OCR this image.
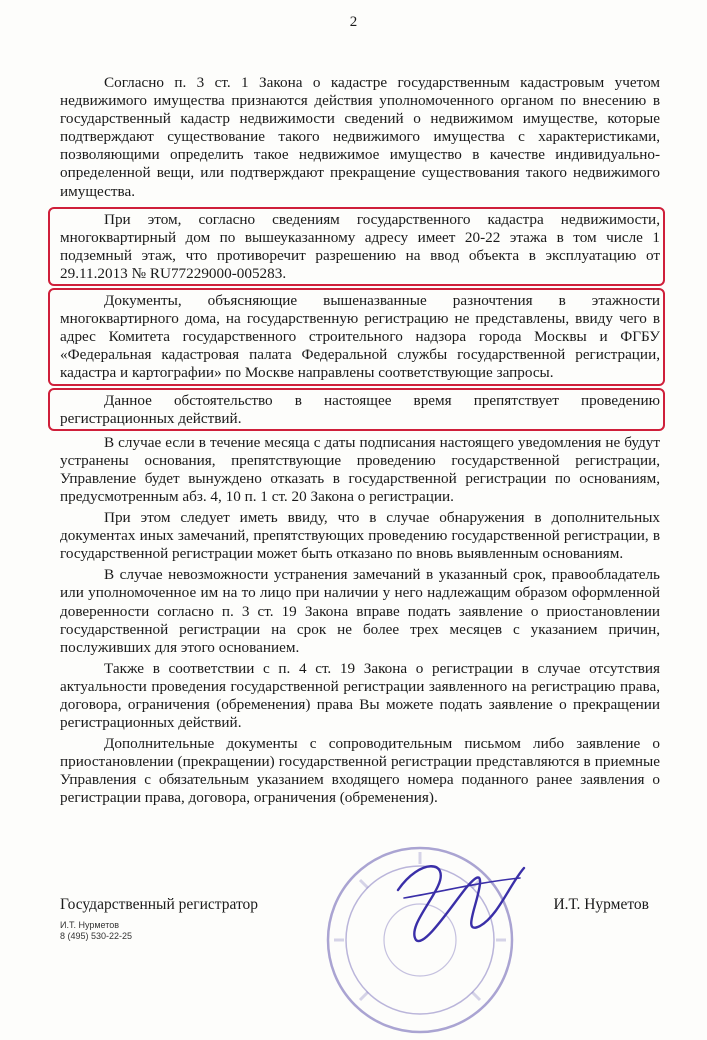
2

Согласно п. 3 ст. 1 Закона о кадастре государственным кадастровым учетом недвижимого имущества признаются действия уполномоченного органом по внесению в государственный кадастр недвижимости сведений о недвижимом имуществе, которые подтверждают существование такого недвижимого имущества с характеристиками, позволяющими определить такое недвижимое имущество в качестве индивидуально-определенной вещи, или подтверждают прекращение существования такого недвижимого имущества.

При этом, согласно сведениям государственного кадастра недвижимости, многоквартирный дом по вышеуказанному адресу имеет 20-22 этажа в том числе 1 подземный этаж, что противоречит разрешению на ввод объекта в эксплуатацию от 29.11.2013 № RU77229000-005283.

Документы, объясняющие вышеназванные разночтения в этажности многоквартирного дома, на государственную регистрацию не представлены, ввиду чего в адрес Комитета государственного строительного надзора города Москвы и ФГБУ «Федеральная кадастровая палата Федеральной службы государственной регистрации, кадастра и картографии» по Москве направлены соответствующие запросы.

Данное обстоятельство в настоящее время препятствует проведению регистрационных действий.

В случае если в течение месяца с даты подписания настоящего уведомления не будут устранены основания, препятствующие проведению государственной регистрации, Управление будет вынуждено отказать в государственной регистрации по основаниям, предусмотренным абз. 4, 10 п. 1 ст. 20 Закона о регистрации.

При этом следует иметь ввиду, что в случае обнаружения в дополнительных документах иных замечаний, препятствующих проведению государственной регистрации, в государственной регистрации может быть отказано по вновь выявленным основаниям.

В случае невозможности устранения замечаний в указанный срок, правообладатель или уполномоченное им на то лицо при наличии у него надлежащим образом оформленной доверенности согласно п. 3 ст. 19 Закона вправе подать заявление о приостановлении государственной регистрации на срок не более трех месяцев с указанием причин, послуживших для этого основанием.

Также в соответствии с п. 4 ст. 19 Закона о регистрации в случае отсутствия актуальности проведения государственной регистрации заявленного на регистрацию права, договора, ограничения (обременения) права Вы можете подать заявление о прекращении регистрационных действий.

Дополнительные документы с сопроводительным письмом либо заявление о приостановлении (прекращении) государственной регистрации представляются в приемные Управления с обязательным указанием входящего номера поданного ранее заявления о регистрации права, договора, ограничения (обременения).

Государственный регистратор	И.Т. Нурметов
И.Т. Нурметов
8 (495) 530-22-25
